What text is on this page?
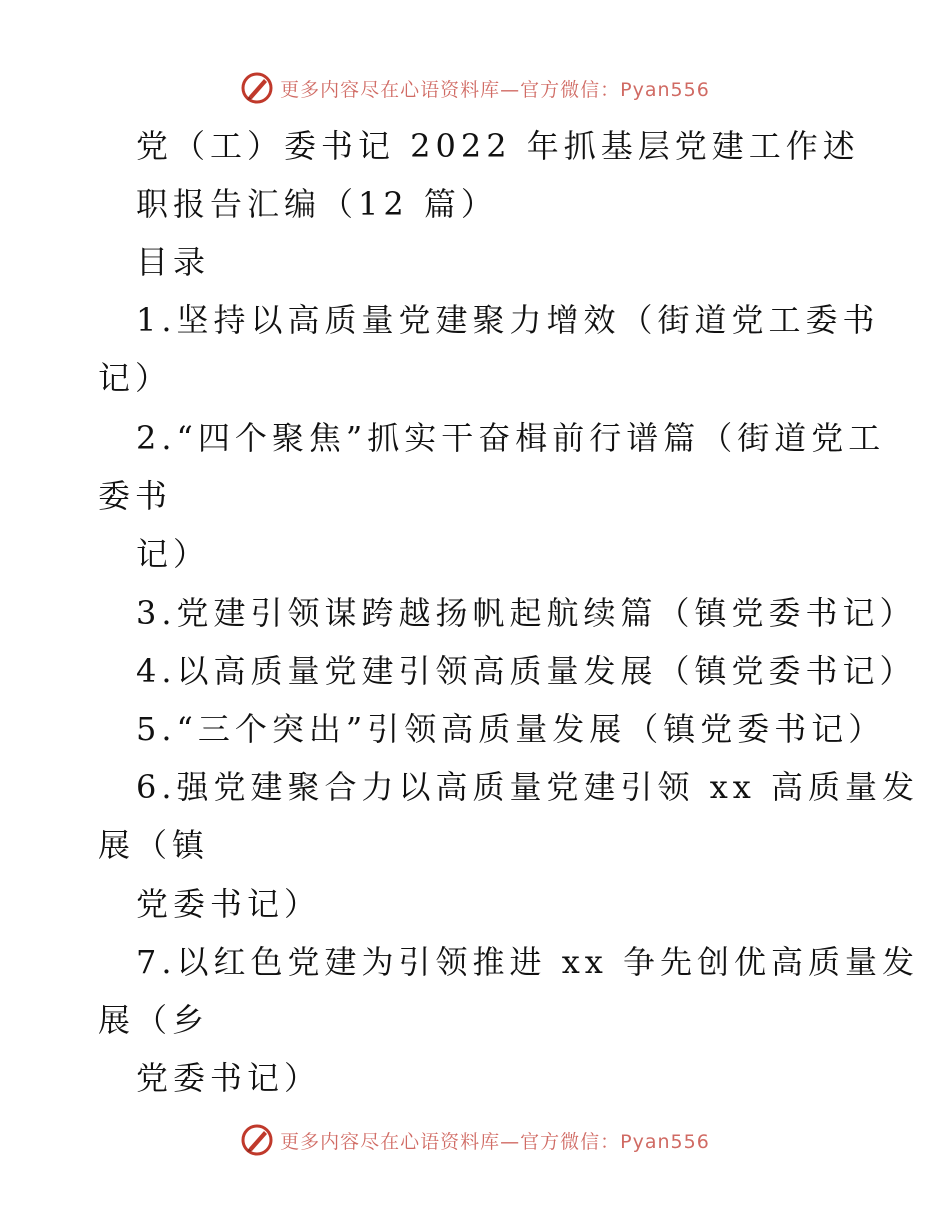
更多内容尽在心语资料库—官方微信：Pyan556
党（工）委书记 2022 年抓基层党建工作述
职报告汇编（12 篇）
目录
1.坚持以高质量党建聚力增效（街道党工委书
记）
2.“四个聚焦”抓实干奋楫前行谱篇（街道党工
委书
记）
3.党建引领谋跨越扬帆起航续篇（镇党委书记）
4.以高质量党建引领高质量发展（镇党委书记）
5.“三个突出”引领高质量发展（镇党委书记）
6.强党建聚合力以高质量党建引领 xx 高质量发
展（镇
党委书记）
7.以红色党建为引领推进 xx 争先创优高质量发
展（乡
党委书记）
更多内容尽在心语资料库—官方微信：Pyan556
